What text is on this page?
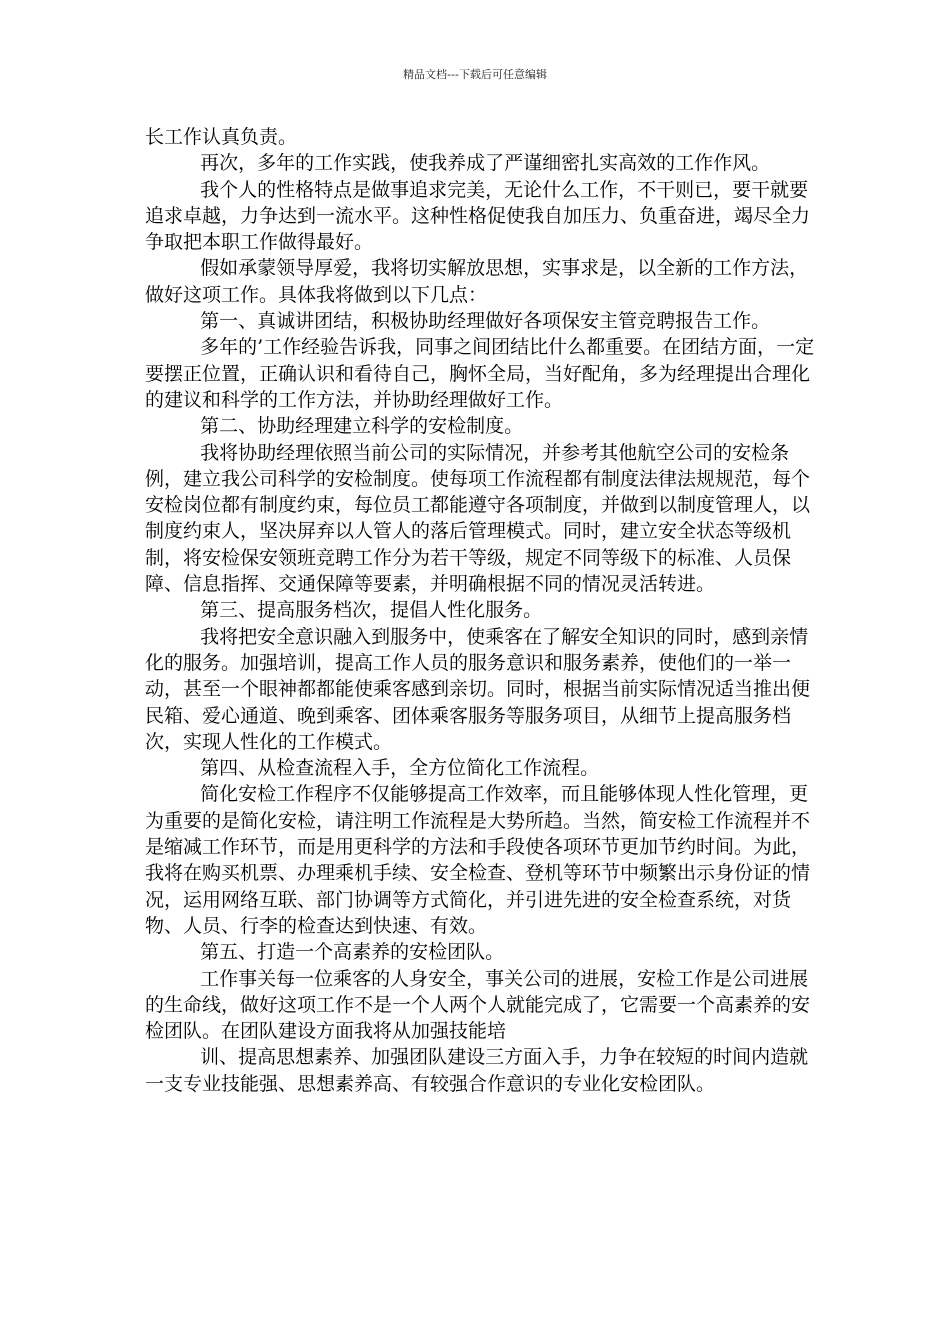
精品文档---下载后可任意编辑

长工作认真负责。

再次，多年的工作实践，使我养成了严谨细密扎实高效的工作作风。

我个人的性格特点是做事追求完美，无论什么工作，不干则已，要干就要追求卓越，力争达到一流水平。这种性格促使我自加压力、负重奋进，竭尽全力争取把本职工作做得最好。

假如承蒙领导厚爱，我将切实解放思想，实事求是，以全新的工作方法，做好这项工作。具体我将做到以下几点：

第一、真诚讲团结，积极协助经理做好各项保安主管竞聘报告工作。

多年的’工作经验告诉我，同事之间团结比什么都重要。在团结方面，一定要摆正位置，正确认识和看待自己，胸怀全局，当好配角，多为经理提出合理化的建议和科学的工作方法，并协助经理做好工作。

第二、协助经理建立科学的安检制度。

我将协助经理依照当前公司的实际情况，并参考其他航空公司的安检条例，建立我公司科学的安检制度。使每项工作流程都有制度法律法规规范，每个安检岗位都有制度约束，每位员工都能遵守各项制度，并做到以制度管理人，以制度约束人，坚决屏弃以人管人的落后管理模式。同时，建立安全状态等级机制，将安检保安领班竞聘工作分为若干等级，规定不同等级下的标准、人员保障、信息指挥、交通保障等要素，并明确根据不同的情况灵活转进。

第三、提高服务档次，提倡人性化服务。

我将把安全意识融入到服务中，使乘客在了解安全知识的同时，感到亲情化的服务。加强培训，提高工作人员的服务意识和服务素养，使他们的一举一动，甚至一个眼神都都能使乘客感到亲切。同时，根据当前实际情况适当推出便民箱、爱心通道、晚到乘客、团体乘客服务等服务项目，从细节上提高服务档次，实现人性化的工作模式。

第四、从检查流程入手，全方位简化工作流程。

简化安检工作程序不仅能够提高工作效率，而且能够体现人性化管理，更为重要的是简化安检，请注明工作流程是大势所趋。当然，简安检工作流程并不是缩减工作环节，而是用更科学的方法和手段使各项环节更加节约时间。为此，我将在购买机票、办理乘机手续、安全检查、登机等环节中频繁出示身份证的情况，运用网络互联、部门协调等方式简化，并引进先进的安全检查系统，对货物、人员、行李的检查达到快速、有效。

第五、打造一个高素养的安检团队。

工作事关每一位乘客的人身安全，事关公司的进展，安检工作是公司进展的生命线，做好这项工作不是一个人两个人就能完成了，它需要一个高素养的安检团队。在团队建设方面我将从加强技能培

训、提高思想素养、加强团队建设三方面入手，力争在较短的时间内造就一支专业技能强、思想素养高、有较强合作意识的专业化安检团队。
